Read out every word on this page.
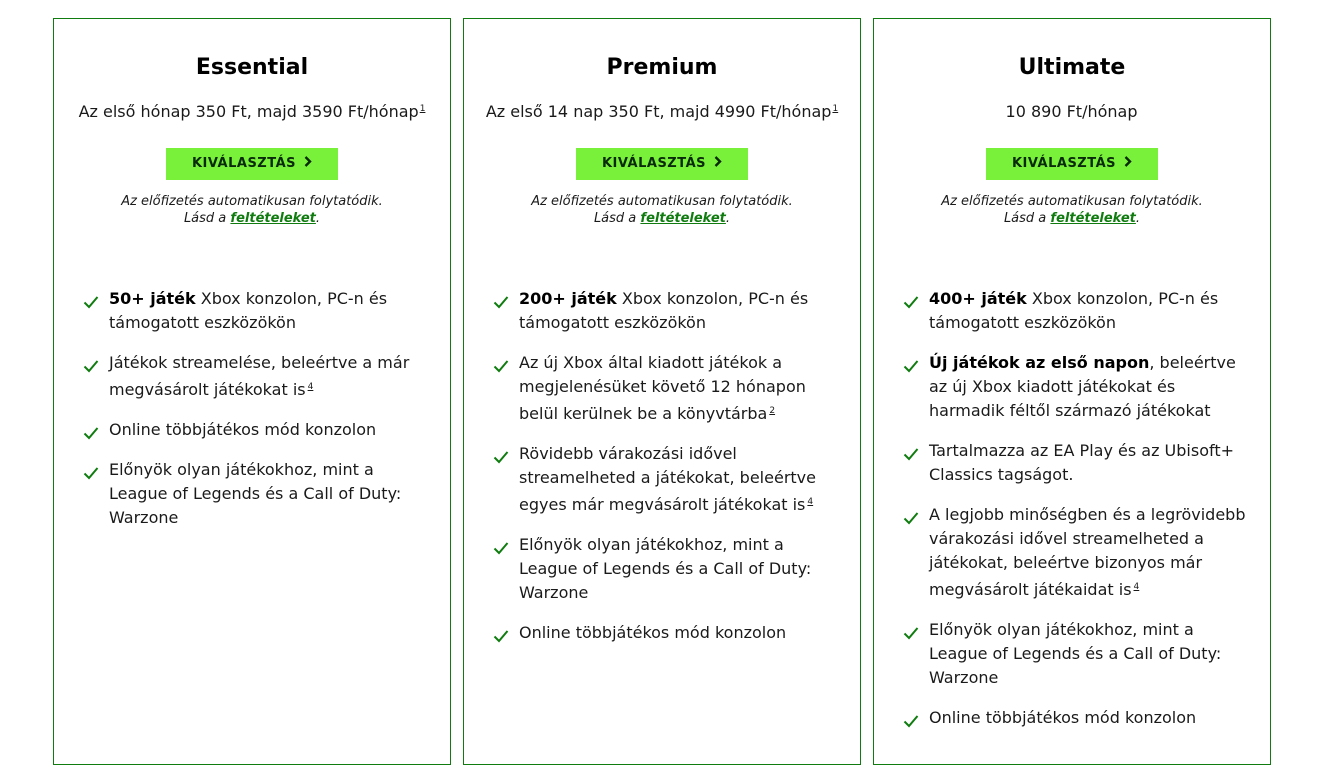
Essential
Az első hónap 350 Ft, majd 3590 Ft/hónap$^1$
KIVÁLASZTÁS
Az előfizetés automatikusan folytatódik.
Lásd a feltételeket.
50+ játék Xbox konzolon, PC-n és támogatott eszközökön
Játékok streamelése, beleértve a már megvásárolt játékokat is $^4$
Online többjátékos mód konzolon
Előnyök olyan játékokhoz, mint a League of Legends és a Call of Duty: Warzone
Premium
Az első 14 nap 350 Ft, majd 4990 Ft/hónap$^1$
KIVÁLASZTÁS
Az előfizetés automatikusan folytatódik.
Lásd a feltételeket.
200+ játék Xbox konzolon, PC-n és támogatott eszközökön
Az új Xbox által kiadott játékok a megjelenésüket követő 12 hónapon belül kerülnek be a könyvtárba $^2$
Rövidebb várakozási idővel streamelheted a játékokat, beleértve egyes már megvásárolt játékokat is $^4$
Előnyök olyan játékokhoz, mint a League of Legends és a Call of Duty: Warzone
Online többjátékos mód konzolon
Ultimate
10 890 Ft/hónap
KIVÁLASZTÁS
Az előfizetés automatikusan folytatódik.
Lásd a feltételeket.
400+ játék Xbox konzolon, PC-n és támogatott eszközökön
Új játékok az első napon, beleértve az új Xbox kiadott játékokat és harmadik féltől származó játékokat
Tartalmazza az EA Play és az Ubisoft+ Classics tagságot.
A legjobb minőségben és a legrövidebb várakozási idővel streamelheted a játékokat, beleértve bizonyos már megvásárolt játékaidat is $^4$
Előnyök olyan játékokhoz, mint a League of Legends és a Call of Duty: Warzone
Online többjátékos mód konzolon
